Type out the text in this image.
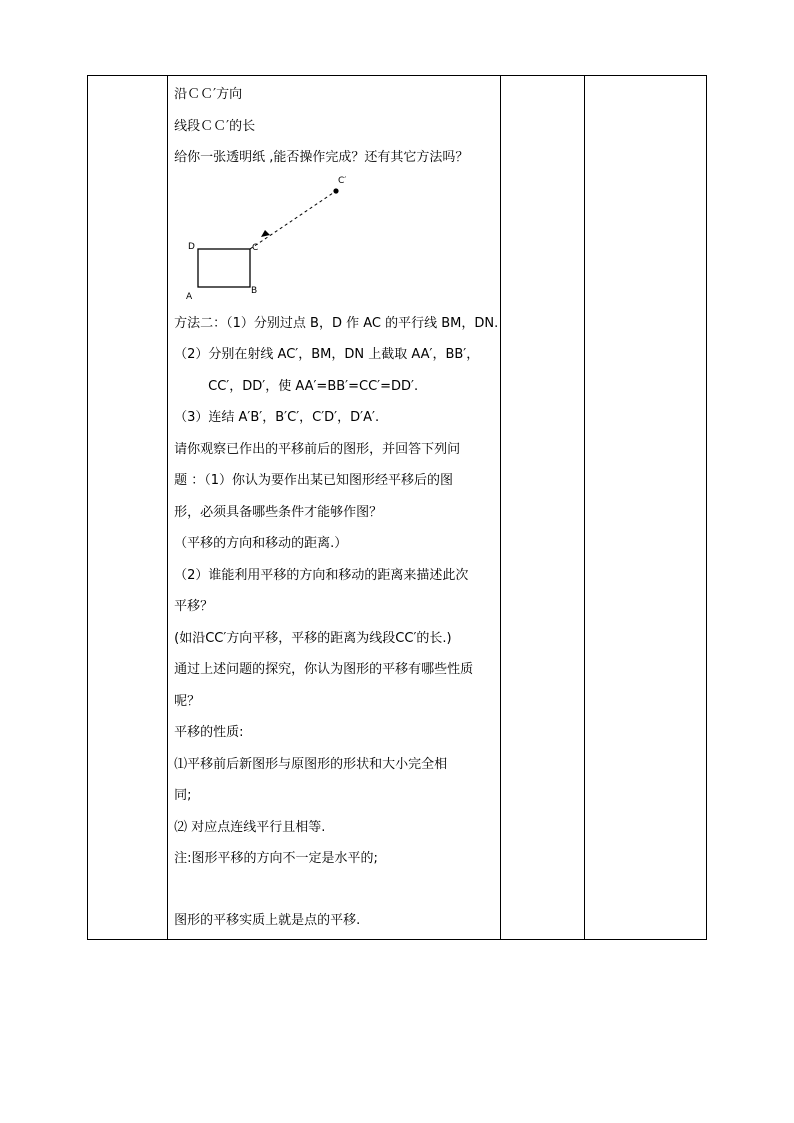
沿ＣＣ′方向
线段ＣＣ′的长
给你一张透明纸 ,能否操作完成？还有其它方法吗？
D	C
A
B
C′
方法二：（1）分别过点 B，D 作 AC 的平行线 BM，DN.
（2）分别在射线 AC′，BM，DN 上截取 AA′，BB′，
CC′，DD′，使 AA′=BB′=CC′=DD′.
（3）连结 A′B′，B′C′，C′D′，D′A′.
请你观察已作出的平移前后的图形，并回答下列问
题 ：（1）你认为要作出某已知图形经平移后的图
形，必须具备哪些条件才能够作图？
（平移的方向和移动的距离.）
（2）谁能利用平移的方向和移动的距离来描述此次
平移？
(如沿CC′方向平移，平移的距离为线段CC′的长.)
通过上述问题的探究，你认为图形的平移有哪些性质
呢？
平移的性质:
⑴平移前后新图形与原图形的形状和大小完全相
同;
⑵ 对应点连线平行且相等.
注:图形平移的方向不一定是水平的;
图形的平移实质上就是点的平移.
